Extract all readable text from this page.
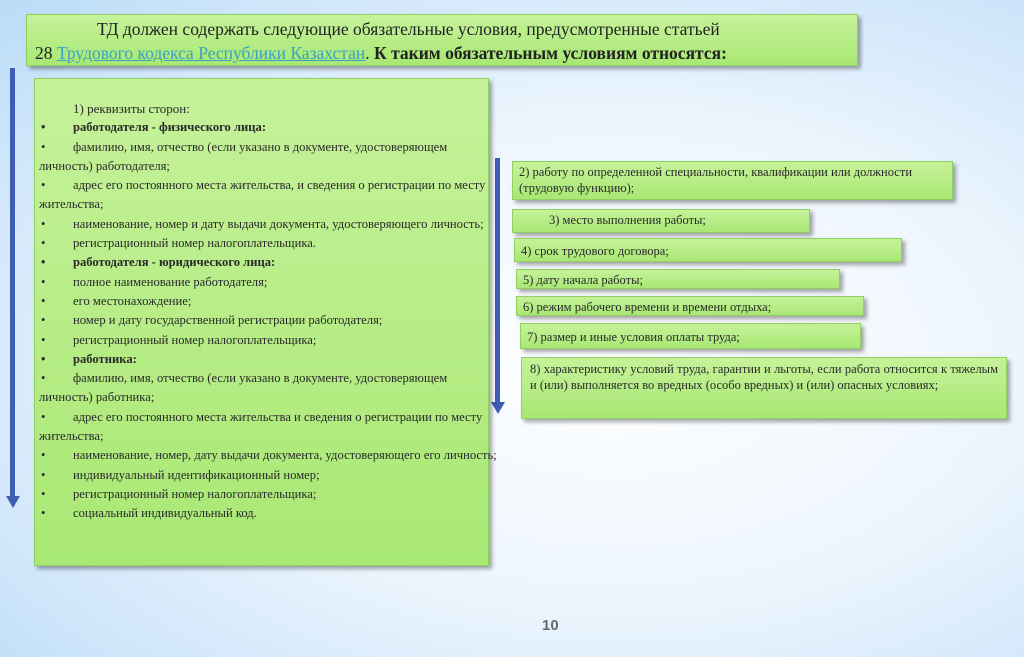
ТД должен содержать следующие обязательные условия, предусмотренные статьей
28 Трудового кодекса Республики Казахстан. К таким обязательным условиям относятся:
1) реквизиты сторон:
• работодателя - физического лица:
• фамилию, имя, отчество (если указано в документе, удостоверяющем
личность) работодателя;
• адрес его постоянного места жительства, и сведения о регистрации по месту
жительства;
• наименование, номер и дату выдачи документа, удостоверяющего личность;
• регистрационный номер налогоплательщика.
• работодателя - юридического лица:
• полное наименование работодателя;
• его местонахождение;
• номер и дату государственной регистрации работодателя;
• регистрационный номер налогоплательщика;
• работника:
• фамилию, имя, отчество (если указано в документе, удостоверяющем
личность) работника;
• адрес его постоянного места жительства и сведения о регистрации по месту
жительства;
• наименование, номер, дату выдачи документа, удостоверяющего его личность;
• индивидуальный идентификационный номер;
• регистрационный номер налогоплательщика;
• социальный индивидуальный код.
2) работу по определенной специальности, квалификации или должности (трудовую функцию);
3) место выполнения работы;
4) срок трудового договора;
5) дату начала работы;
6) режим рабочего времени и времени отдыха;
7) размер и иные условия оплаты труда;
8) характеристику условий труда, гарантии и льготы, если работа относится к тяжелым и (или) выполняется во вредных (особо вредных) и (или) опасных условиях;
10
